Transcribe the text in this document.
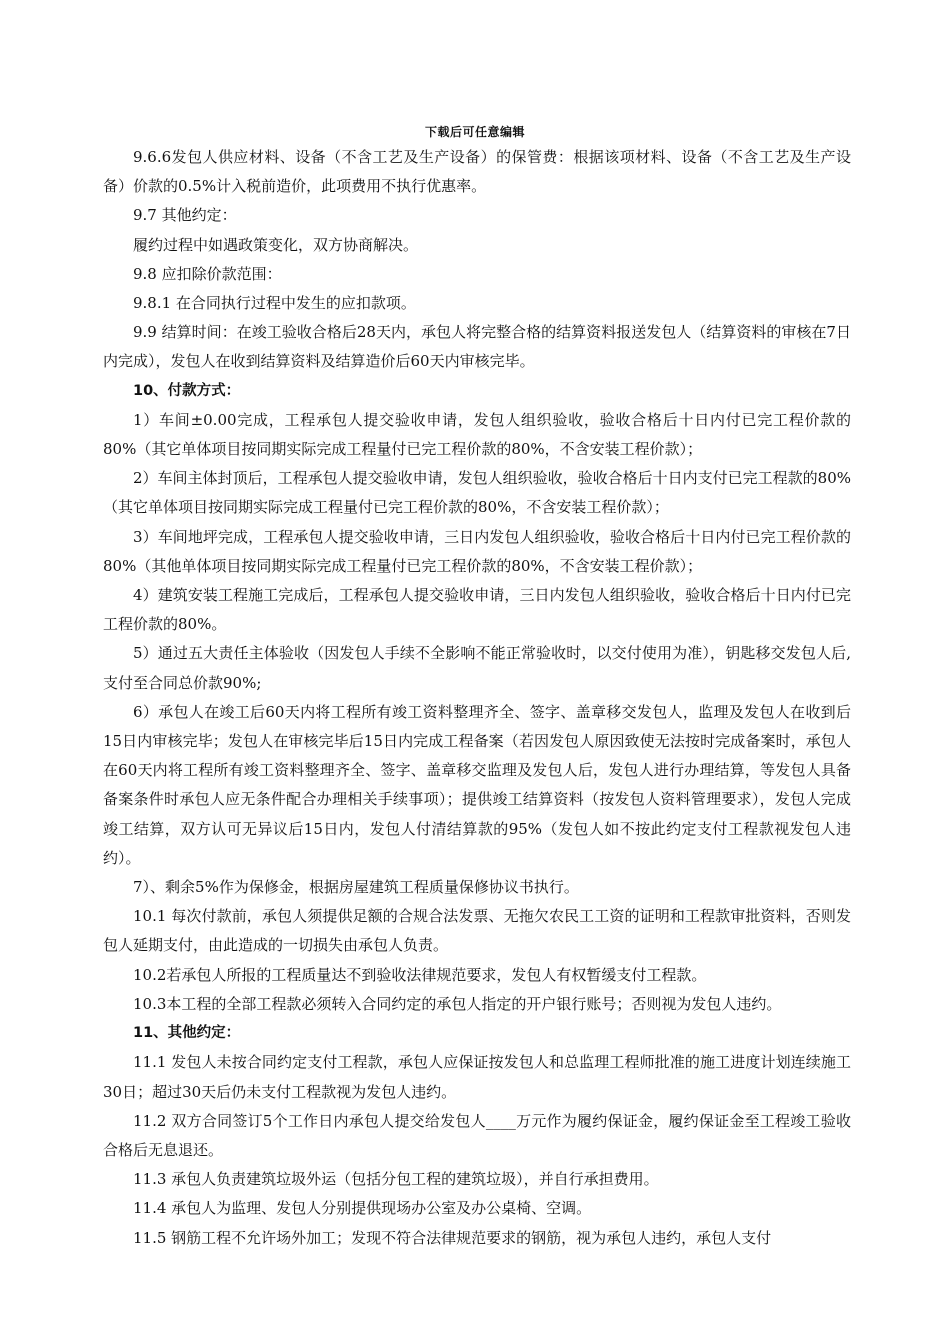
下载后可任意编辑

9.6.6发包人供应材料、设备（不含工艺及生产设备）的保管费：根据该项材料、设备（不含工艺及生产设备）价款的0.5%计入税前造价，此项费用不执行优惠率。

9.7 其他约定：

履约过程中如遇政策变化，双方协商解决。

9.8 应扣除价款范围：

9.8.1 在合同执行过程中发生的应扣款项。

9.9 结算时间：在竣工验收合格后28天内，承包人将完整合格的结算资料报送发包人（结算资料的审核在7日内完成），发包人在收到结算资料及结算造价后60天内审核完毕。

10、付款方式：

1）车间±0.00完成，工程承包人提交验收申请，发包人组织验收，验收合格后十日内付已完工程价款的80%（其它单体项目按同期实际完成工程量付已完工程价款的80%，不含安装工程价款）；

2）车间主体封顶后，工程承包人提交验收申请，发包人组织验收，验收合格后十日内支付已完工程款的80%（其它单体项目按同期实际完成工程量付已完工程价款的80%，不含安装工程价款）；

3）车间地坪完成，工程承包人提交验收申请，三日内发包人组织验收，验收合格后十日内付已完工程价款的80%（其他单体项目按同期实际完成工程量付已完工程价款的80%，不含安装工程价款）；

4）建筑安装工程施工完成后，工程承包人提交验收申请，三日内发包人组织验收，验收合格后十日内付已完工程价款的80%。

5）通过五大责任主体验收（因发包人手续不全影响不能正常验收时，以交付使用为准），钥匙移交发包人后,支付至合同总价款90%;

6）承包人在竣工后60天内将工程所有竣工资料整理齐全、签字、盖章移交发包人，监理及发包人在收到后15日内审核完毕；发包人在审核完毕后15日内完成工程备案（若因发包人原因致使无法按时完成备案时，承包人在60天内将工程所有竣工资料整理齐全、签字、盖章移交监理及发包人后，发包人进行办理结算，等发包人具备备案条件时承包人应无条件配合办理相关手续事项）；提供竣工结算资料（按发包人资料管理要求），发包人完成竣工结算，双方认可无异议后15日内，发包人付清结算款的95%（发包人如不按此约定支付工程款视发包人违约）。

7）、剩余5%作为保修金，根据房屋建筑工程质量保修协议书执行。

10.1 每次付款前，承包人须提供足额的合规合法发票、无拖欠农民工工资的证明和工程款审批资料，否则发包人延期支付，由此造成的一切损失由承包人负责。

10.2若承包人所报的工程质量达不到验收法律规范要求，发包人有权暂缓支付工程款。

10.3本工程的全部工程款必须转入合同约定的承包人指定的开户银行账号；否则视为发包人违约。

11、其他约定：

11.1 发包人未按合同约定支付工程款，承包人应保证按发包人和总监理工程师批准的施工进度计划连续施工30日；超过30天后仍未支付工程款视为发包人违约。

11.2 双方合同签订5个工作日内承包人提交给发包人____万元作为履约保证金，履约保证金至工程竣工验收合格后无息退还。

11.3 承包人负责建筑垃圾外运（包括分包工程的建筑垃圾），并自行承担费用。

11.4 承包人为监理、发包人分别提供现场办公室及办公桌椅、空调。

11.5 钢筋工程不允许场外加工；发现不符合法律规范要求的钢筋，视为承包人违约，承包人支付
